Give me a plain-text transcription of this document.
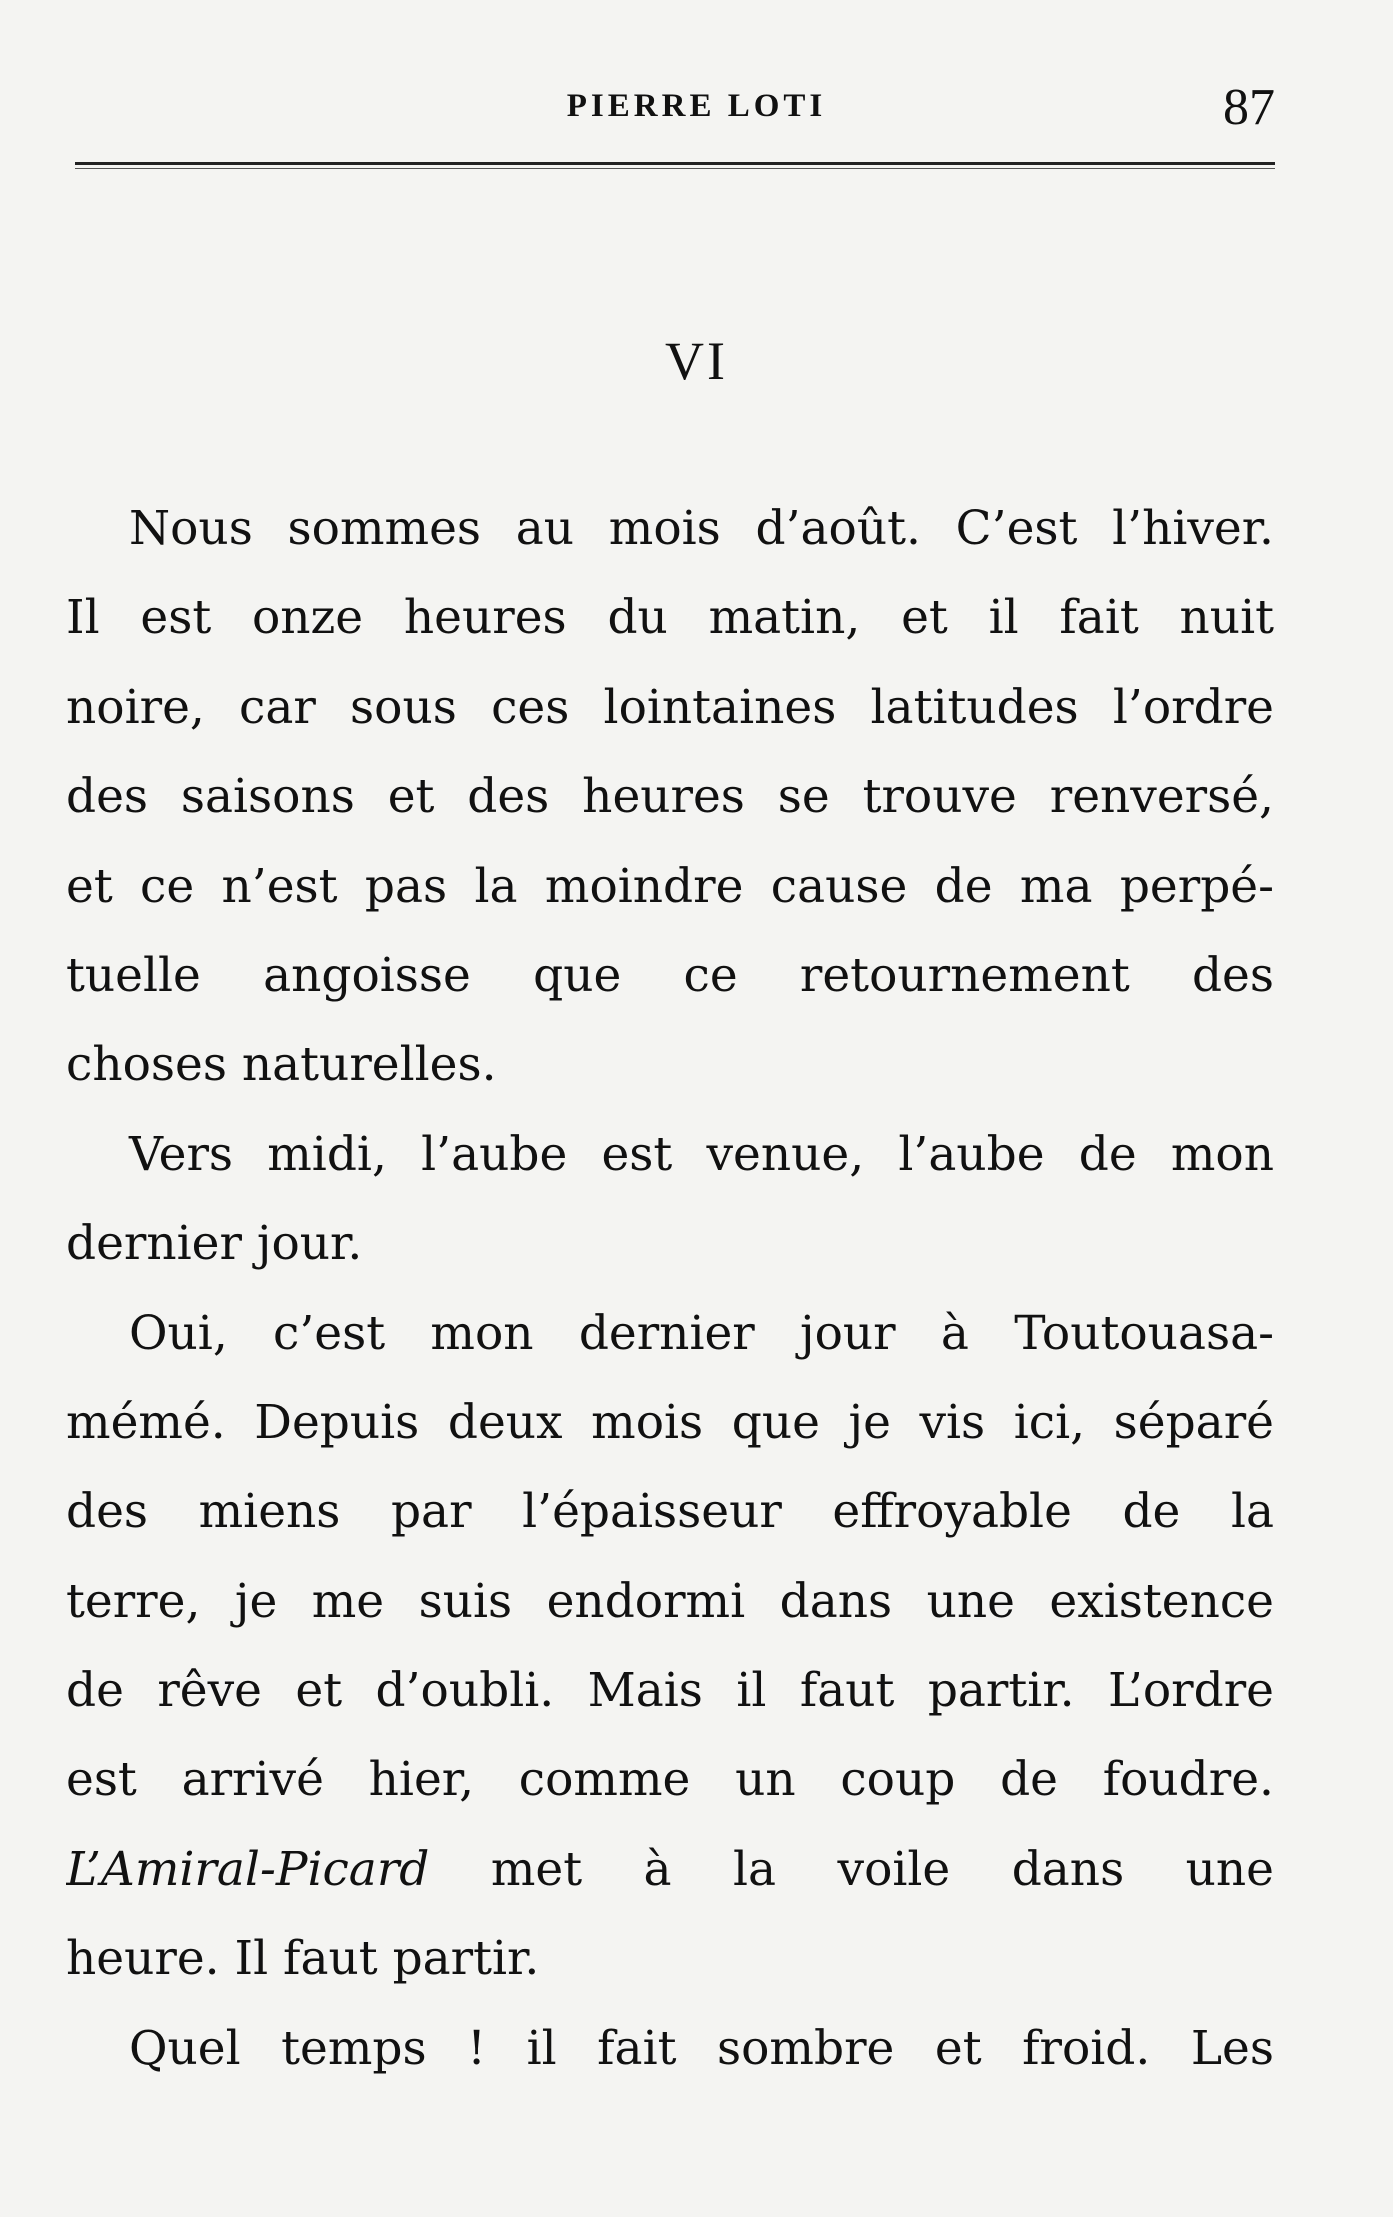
PIERRE LOTI	87
VI
Nous sommes au mois d’août. C’est l’hiver.
Il est onze heures du matin, et il fait nuit
noire, car sous ces lointaines latitudes l’ordre
des saisons et des heures se trouve renversé,
et ce n’est pas la moindre cause de ma perpé-
tuelle angoisse que ce retournement des
choses naturelles.
Vers midi, l’aube est venue, l’aube de mon
dernier jour.
Oui, c’est mon dernier jour à Toutouasa-
mémé. Depuis deux mois que je vis ici, séparé
des miens par l’épaisseur effroyable de la
terre, je me suis endormi dans une existence
de rêve et d’oubli. Mais il faut partir. L’ordre
est arrivé hier, comme un coup de foudre.
L’Amiral-Picard met à la voile dans une
heure. Il faut partir.
Quel temps ! il fait sombre et froid. Les
